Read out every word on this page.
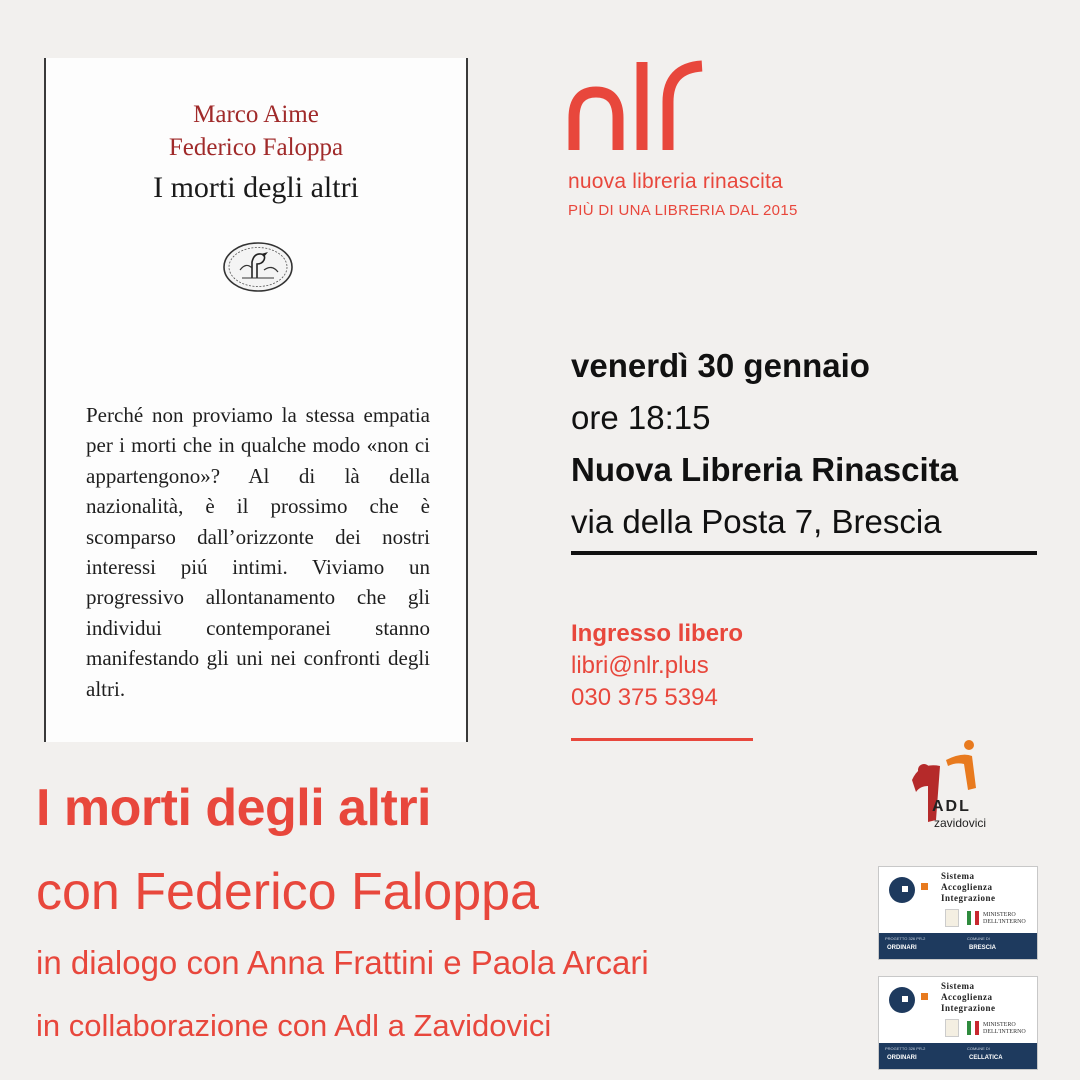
Marco Aime
Federico Faloppa
I morti degli altri
Perché non proviamo la stessa empatia per i morti che in qualche modo «non ci appartengono»? Al di là della nazionalità, è il prossimo che è scomparso dall’orizzonte dei nostri interessi piú intimi. Viviamo un progressivo allontanamento che gli individui contemporanei stanno manifestando gli uni nei confronti degli altri.
nuova libreria rinascita
PIÙ DI UNA LIBRERIA DAL 2015
venerdì 30 gennaio
ore 18:15
Nuova Libreria Rinascita
via della Posta 7, Brescia
Ingresso libero
libri@nlr.plus
030 375 5394
I morti degli altri
con Federico Faloppa
in dialogo con Anna Frattini e Paola Arcari
in collaborazione con Adl a Zavidovici
ADL
zavidovici
Sistema
Accoglienza
Integrazione
MINISTERO
DELL'INTERNO
PROGETTO 326 PR-2	COMUNE DI
ORDINARI	BRESCIA
Sistema
Accoglienza
Integrazione
MINISTERO
DELL'INTERNO
PROGETTO 326 PR-2	COMUNE DI
ORDINARI	CELLATICA
